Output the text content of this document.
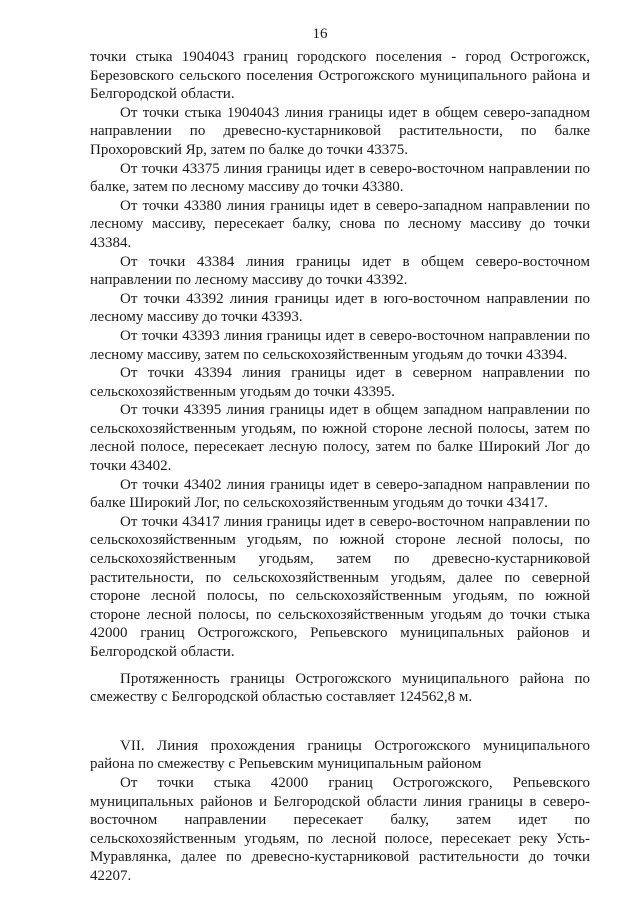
16

точки стыка 1904043 границ городского поселения - город Острогожск, Березовского сельского поселения Острогожского муниципального района и Белгородской области.

От точки стыка 1904043 линия границы идет в общем северо-западном направлении по древесно-кустарниковой растительности, по балке Прохоровский Яр, затем по балке до точки 43375.

От точки 43375 линия границы идет в северо-восточном направлении по балке, затем по лесному массиву до точки 43380.

От точки 43380 линия границы идет в северо-западном направлении по лесному массиву, пересекает балку, снова по лесному массиву до точки 43384.

От точки 43384 линия границы идет в общем северо-восточном направлении по лесному массиву до точки 43392.

От точки 43392 линия границы идет в юго-восточном направлении по лесному массиву до точки 43393.

От точки 43393 линия границы идет в северо-восточном направлении по лесному массиву, затем по сельскохозяйственным угодьям до точки 43394.

От точки 43394 линия границы идет в северном направлении по сельскохозяйственным угодьям до точки 43395.

От точки 43395 линия границы идет в общем западном направлении по сельскохозяйственным угодьям, по южной стороне лесной полосы, затем по лесной полосе, пересекает лесную полосу, затем по балке Широкий Лог до точки 43402.

От точки 43402 линия границы идет в северо-западном направлении по балке Широкий Лог, по сельскохозяйственным угодьям до точки 43417.

От точки 43417 линия границы идет в северо-восточном направлении по сельскохозяйственным угодьям, по южной стороне лесной полосы, по сельскохозяйственным угодьям, затем по древесно-кустарниковой растительности, по сельскохозяйственным угодьям, далее по северной стороне лесной полосы, по сельскохозяйственным угодьям, по южной стороне лесной полосы, по сельскохозяйственным угодьям до точки стыка 42000 границ Острогожского, Репьевского муниципальных районов и Белгородской области.

Протяженность границы Острогожского муниципального района по смежеству с Белгородской областью составляет 124562,8 м.

VII. Линия прохождения границы Острогожского муниципального района по смежеству с Репьевским муниципальным районом

От точки стыка 42000 границ Острогожского, Репьевского муниципальных районов и Белгородской области линия границы в северо-восточном направлении пересекает балку, затем идет по сельскохозяйственным угодьям, по лесной полосе, пересекает реку Усть-Муравлянка, далее по древесно-кустарниковой растительности до точки 42207.
